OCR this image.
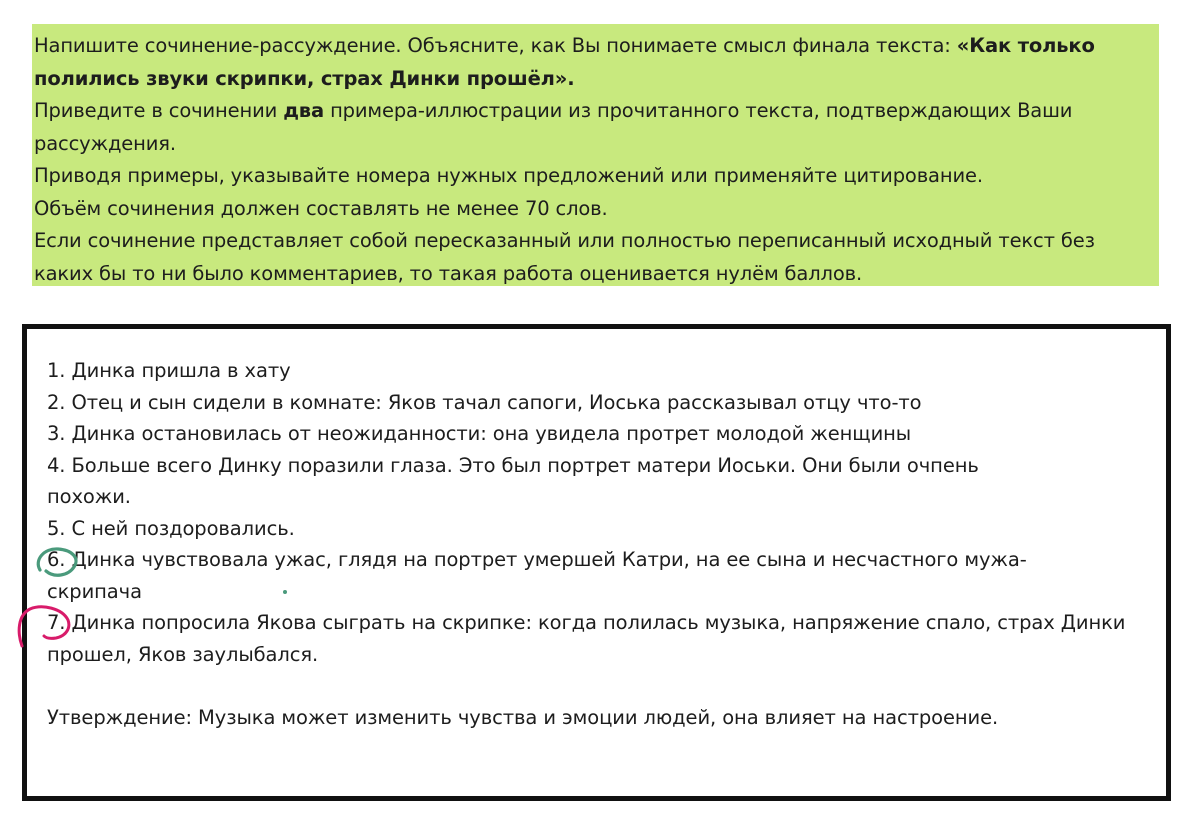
Напишите сочинение-рассуждение. Объясните, как Вы понимаете смысл финала текста: «Как только полились звуки скрипки, страх Динки прошёл».

Приведите в сочинении два примера-иллюстрации из прочитанного текста, подтверждающих Ваши рассуждения.

Приводя примеры, указывайте номера нужных предложений или применяйте цитирование.

Объём сочинения должен составлять не менее 70 слов.

Если сочинение представляет собой пересказанный или полностью переписанный исходный текст без каких бы то ни было комментариев, то такая работа оценивается нулём баллов.

1. Динка пришла в хату

2. Отец и сын сидели в комнате: Яков тачал сапоги, Иоська рассказывал отцу что-то

3. Динка остановилась от неожиданности: она увидела протрет молодой женщины

4. Больше всего Динку поразили глаза. Это был портрет матери Иоськи. Они были очпень похожи.

5. С ней поздоровались.

6. Динка чувствовала ужас, глядя на портрет умершей Катри, на ее сына и несчастного мужа-скрипача

7. Динка попросила Якова сыграть на скрипке: когда полилась музыка, напряжение спало, страх Динки прошел, Яков заулыбался.

Утверждение: Музыка может изменить чувства и эмоции людей, она влияет на настроение.
